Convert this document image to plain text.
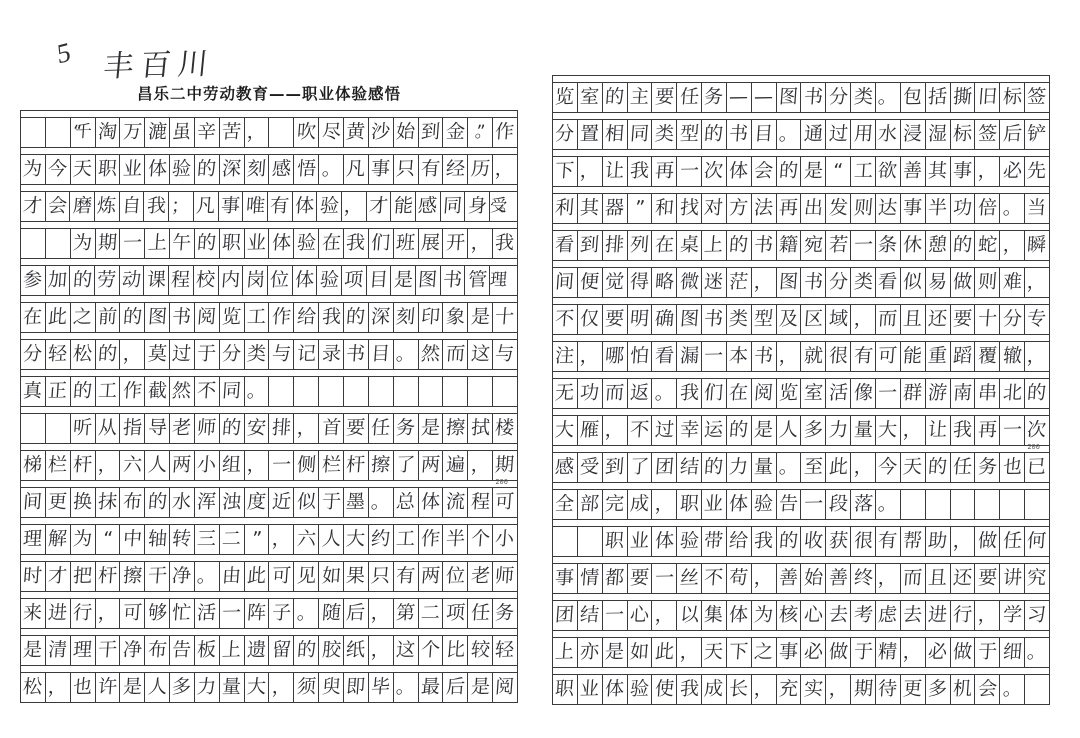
5 丰百川
昌乐二中劳动教育——职业体验感悟
“千 淘 万 漉 虽 辛 苦 ， 吹 尽 黄 沙 始 到 金 。” 作
为 今 天 职 业 体 验 的 深 刻 感 悟 。 凡 事 只 有 经 历 ，
才 会 磨 炼 自 我 ； 凡 事 唯 有 体 验 ， 才 能 感 同 身 受。
为 期 一 上 午 的 职 业 体 验 在 我 们 班 展 开 ， 我
参 加 的 劳 动 课 程 校 内 岗 位 体 验 项 目 是 图 书 管 理。
在 此 之 前 的 图 书 阅 览 工 作 给 我 的 深 刻 印 象 是 十
分 轻 松 的 ， 莫 过 于 分 类 与 记 录 书 目 。 然 而 这 与
真 正 的 工 作 截 然 不 同 。
听 从 指 导 老 师 的 安 排 ， 首 要 任 务 是 擦 拭 楼
梯 栏 杆 ， 六 人 两 小 组 ， 一 侧 栏 杆 擦 了 两 遍 ， 期
200
间 更 换 抹 布 的 水 浑 浊 度 近 似 于 墨 。 总 体 流 程 可
理 解 为 “ 中 轴 转 三 二 ” ， 六 人 大 约 工 作 半 个 小
时 才 把 杆 擦 干 净 。 由 此 可 见 如 果 只 有 两 位 老 师
来 进 行 ， 可 够 忙 活 一 阵 子 。 随 后 ， 第 二 项 任 务
是 清 理 干 净 布 告 板 上 遗 留 的 胶 纸 ， 这 个 比 较 轻
松 ， 也 许 是 人 多 力 量 大 ， 须 臾 即 毕 。 最 后 是 阅
览 室 的 主 要 任 务 — — 图 书 分 类 。 包 括 撕 旧 标 签
分 置 相 同 类 型 的 书 目 。 通 过 用 水 浸 湿 标 签 后 铲
下 ， 让 我 再 一 次 体 会 的 是 “ 工 欲 善 其 事 ， 必 先
利 其 器 ” 和 找 对 方 法 再 出 发 则 达 事 半 功 倍 。 当
看 到 排 列 在 桌 上 的 书 籍 宛 若 一 条 休 憩 的 蛇 ， 瞬
间 便 觉 得 略 微 迷 茫 ， 图 书 分 类 看 似 易 做 则 难 ，
不 仅 要 明 确 图 书 类 型 及 区 域 ， 而 且 还 要 十 分 专
注 ， 哪 怕 看 漏 一 本 书 ， 就 很 有 可 能 重 蹈 覆 辙 ，
无 功 而 返 。 我 们 在 阅 览 室 活 像 一 群 游 南 串 北 的
大 雁 ， 不 过 幸 运 的 是 人 多 力 量 大 ， 让 我 再 一 次
200
感 受 到 了 团 结 的 力 量 。 至 此 ， 今 天 的 任 务 也 已
全 部 完 成 ， 职 业 体 验 告 一 段 落 。
职 业 体 验 带 给 我 的 收 获 很 有 帮 助 ， 做 任 何
事 情 都 要 一 丝 不 苟 ， 善 始 善 终 ， 而 且 还 要 讲 究
团 结 一 心 ， 以 集 体 为 核 心 去 考 虑 去 进 行 ， 学 习
上 亦 是 如 此 ， 天 下 之 事 必 做 于 精 ， 必 做 于 细 。
职 业 体 验 使 我 成 长 ， 充 实 ， 期 待 更 多 机 会 。
